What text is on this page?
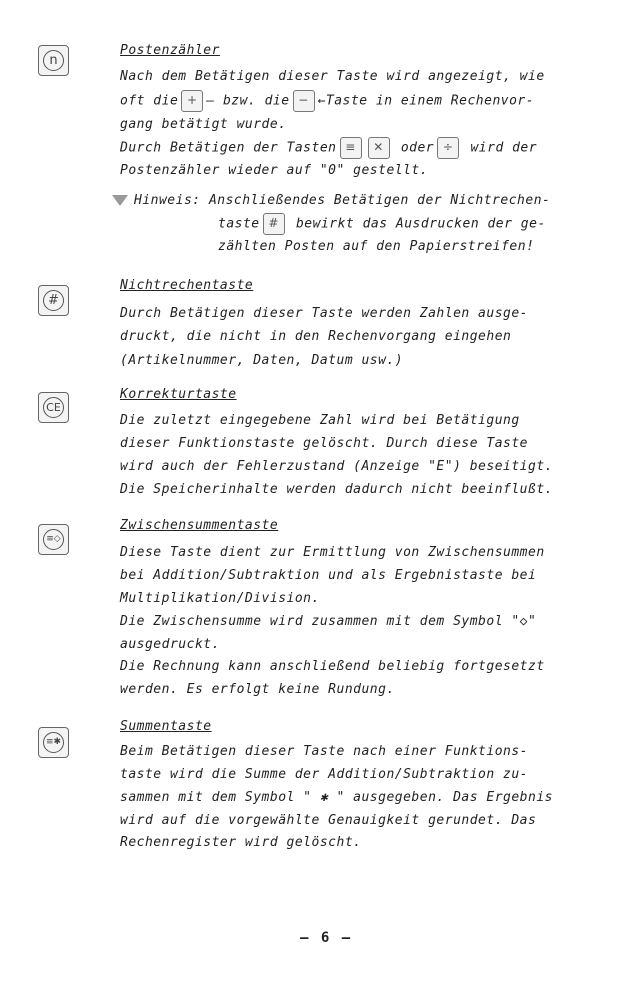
n
Postenzähler
Nach dem Betätigen dieser Taste wird angezeigt, wie
oft die + – bzw. die − ←Taste in einem Rechenvor-
gang betätigt wurde.
Durch Betätigen der Tasten ≡ ✕ oder ÷ wird der
Postenzähler wieder auf "0" gestellt.
Hinweis: Anschließendes Betätigen der Nichtrechen-
taste # bewirkt das Ausdrucken der ge-
zählten Posten auf den Papierstreifen!
#
Nichtrechentaste
Durch Betätigen dieser Taste werden Zahlen ausge-
druckt, die nicht in den Rechenvorgang eingehen
(Artikelnummer, Daten, Datum usw.)
CE
Korrekturtaste
Die zuletzt eingegebene Zahl wird bei Betätigung
dieser Funktionstaste gelöscht. Durch diese Taste
wird auch der Fehlerzustand (Anzeige "E") beseitigt.
Die Speicherinhalte werden dadurch nicht beeinflußt.
≡◇
Zwischensummentaste
Diese Taste dient zur Ermittlung von Zwischensummen
bei Addition/Subtraktion und als Ergebnistaste bei
Multiplikation/Division.
Die Zwischensumme wird zusammen mit dem Symbol "◇"
ausgedruckt.
Die Rechnung kann anschließend beliebig fortgesetzt
werden. Es erfolgt keine Rundung.
≡✱
Summentaste
Beim Betätigen dieser Taste nach einer Funktions-
taste wird die Summe der Addition/Subtraktion zu-
sammen mit dem Symbol " ✱ " ausgegeben. Das Ergebnis
wird auf die vorgewählte Genauigkeit gerundet. Das
Rechenregister wird gelöscht.
– 6 –
